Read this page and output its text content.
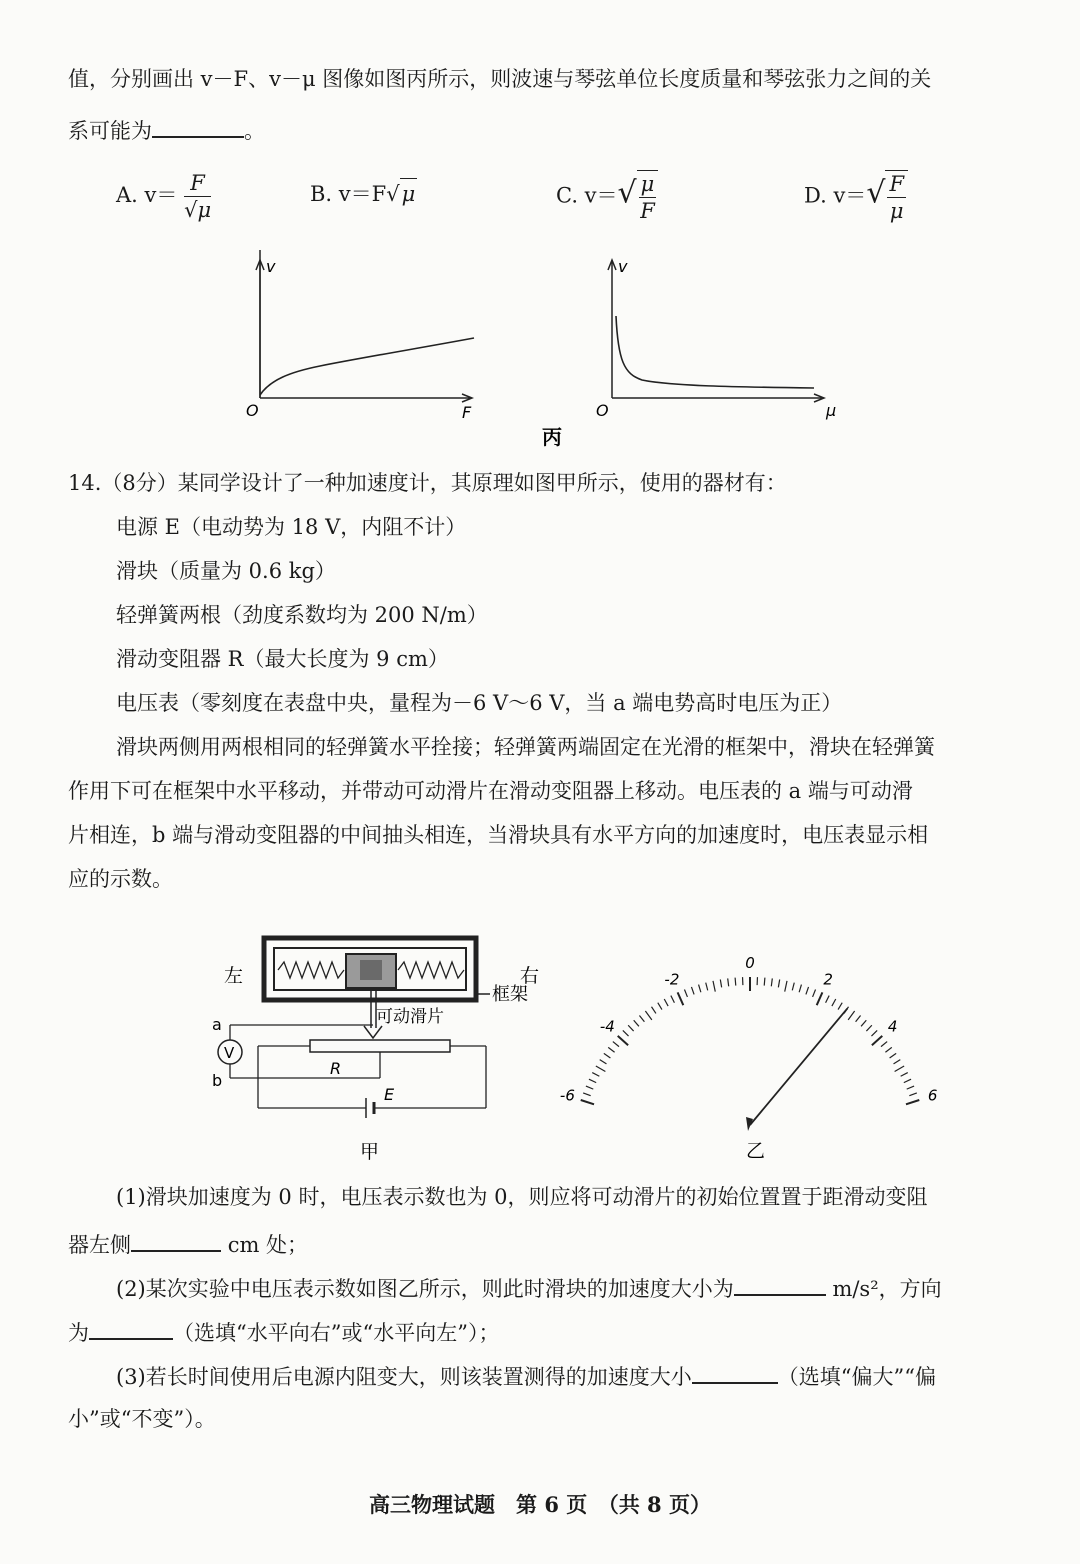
值，分别画出 v－F、v－μ 图像如图丙所示，则波速与琴弦单位长度质量和琴弦张力之间的关
系可能为	。
A. $v= \frac{F}{√\mu}$	B. v＝F√μ	C. $v=√ \frac{\mu}{F}$	D. $v=√ \frac{F}{\mu}$
v
O	F
v
O	μ
丙
14.（8分）某同学设计了一种加速度计，其原理如图甲所示，使用的器材有：
电源 E（电动势为 18 V，内阻不计）
滑块（质量为 0.6 kg）
轻弹簧两根（劲度系数均为 200 N/m）
滑动变阻器 R（最大长度为 9 cm）
电压表（零刻度在表盘中央，量程为－6 V～6 V，当 a 端电势高时电压为正）
滑块两侧用两根相同的轻弹簧水平拴接；轻弹簧两端固定在光滑的框架中，滑块在轻弹簧
作用下可在框架中水平移动，并带动可动滑片在滑动变阻器上移动。电压表的 a 端与可动滑
片相连，b 端与滑动变阻器的中间抽头相连，当滑块具有水平方向的加速度时，电压表显示相
应的示数。
框架
左	右
可动滑片
R
V
a
b
E
甲
-6
-4
-2
0
2
4
6
乙
(1)滑块加速度为 0 时，电压表示数也为 0，则应将可动滑片的初始位置置于距滑动变阻
器左侧	cm 处；
(2)某次实验中电压表示数如图乙所示，则此时滑块的加速度大小为	m/s²，方向
为	（选填“水平向右”或“水平向左”）；
(3)若长时间使用后电源内阻变大，则该装置测得的加速度大小	（选填“偏大”“偏
小”或“不变”）。
高三物理试题　第 6 页　（共 8 页）
